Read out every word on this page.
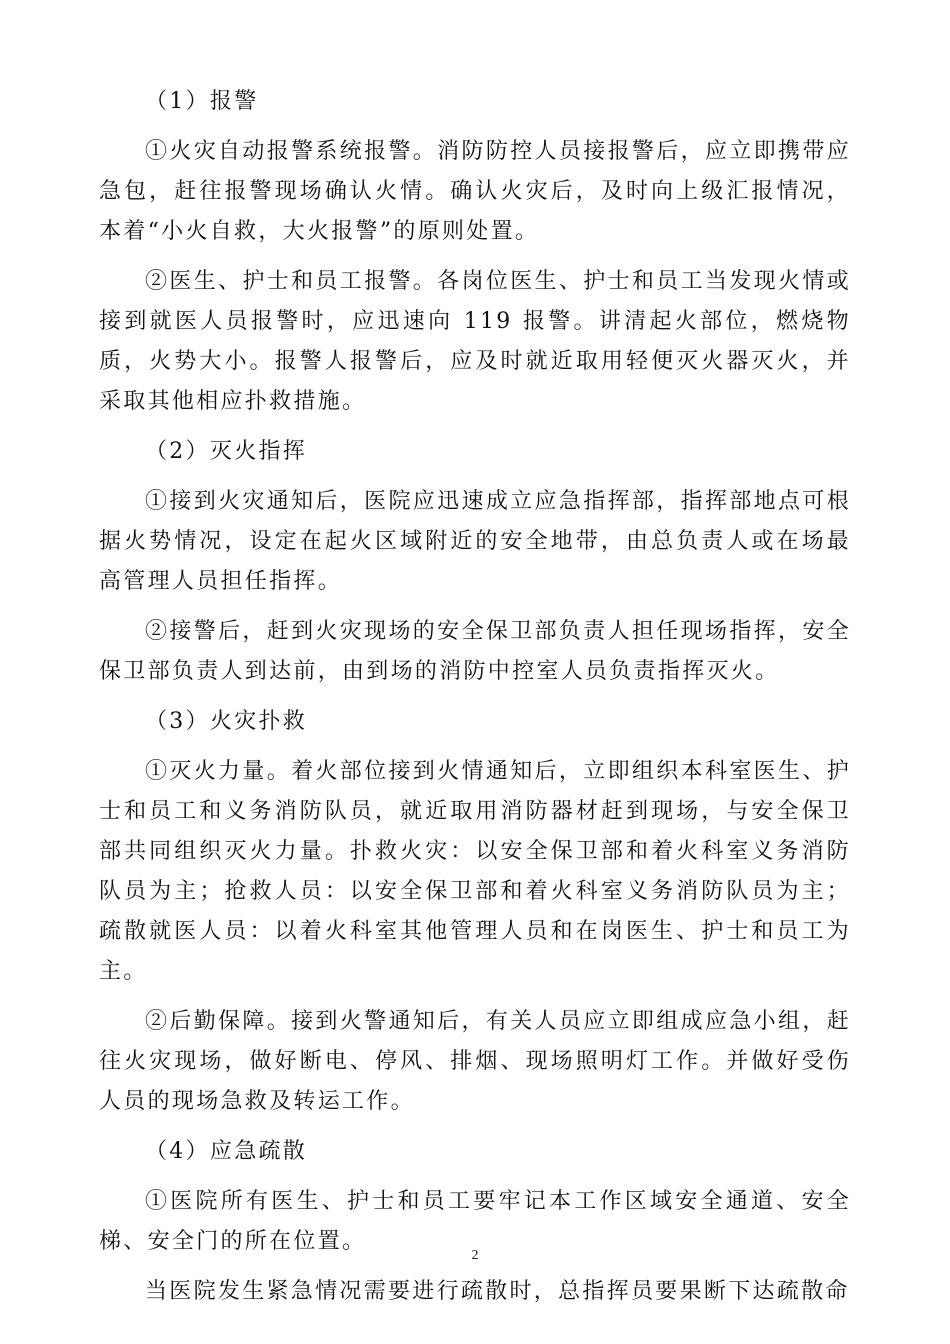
（1）报警

①火灾自动报警系统报警。消防防控人员接报警后，应立即携带应急包，赶往报警现场确认火情。确认火灾后，及时向上级汇报情况，本着“小火自救，大火报警”的原则处置。

②医生、护士和员工报警。各岗位医生、护士和员工当发现火情或接到就医人员报警时，应迅速向 119 报警。讲清起火部位，燃烧物质，火势大小。报警人报警后，应及时就近取用轻便灭火器灭火，并采取其他相应扑救措施。

（2）灭火指挥

①接到火灾通知后，医院应迅速成立应急指挥部，指挥部地点可根据火势情况，设定在起火区域附近的安全地带，由总负责人或在场最高管理人员担任指挥。

②接警后，赶到火灾现场的安全保卫部负责人担任现场指挥，安全保卫部负责人到达前，由到场的消防中控室人员负责指挥灭火。

（3）火灾扑救

①灭火力量。着火部位接到火情通知后，立即组织本科室医生、护士和员工和义务消防队员，就近取用消防器材赶到现场，与安全保卫部共同组织灭火力量。扑救火灾：以安全保卫部和着火科室义务消防队员为主；抢救人员：以安全保卫部和着火科室义务消防队员为主；疏散就医人员：以着火科室其他管理人员和在岗医生、护士和员工为主。

②后勤保障。接到火警通知后，有关人员应立即组成应急小组，赶往火灾现场，做好断电、停风、排烟、现场照明灯工作。并做好受伤人员的现场急救及转运工作。

（4）应急疏散

①医院所有医生、护士和员工要牢记本工作区域安全通道、安全梯、安全门的所在位置。

当医院发生紧急情况需要进行疏散时，总指挥员要果断下达疏散命

2
